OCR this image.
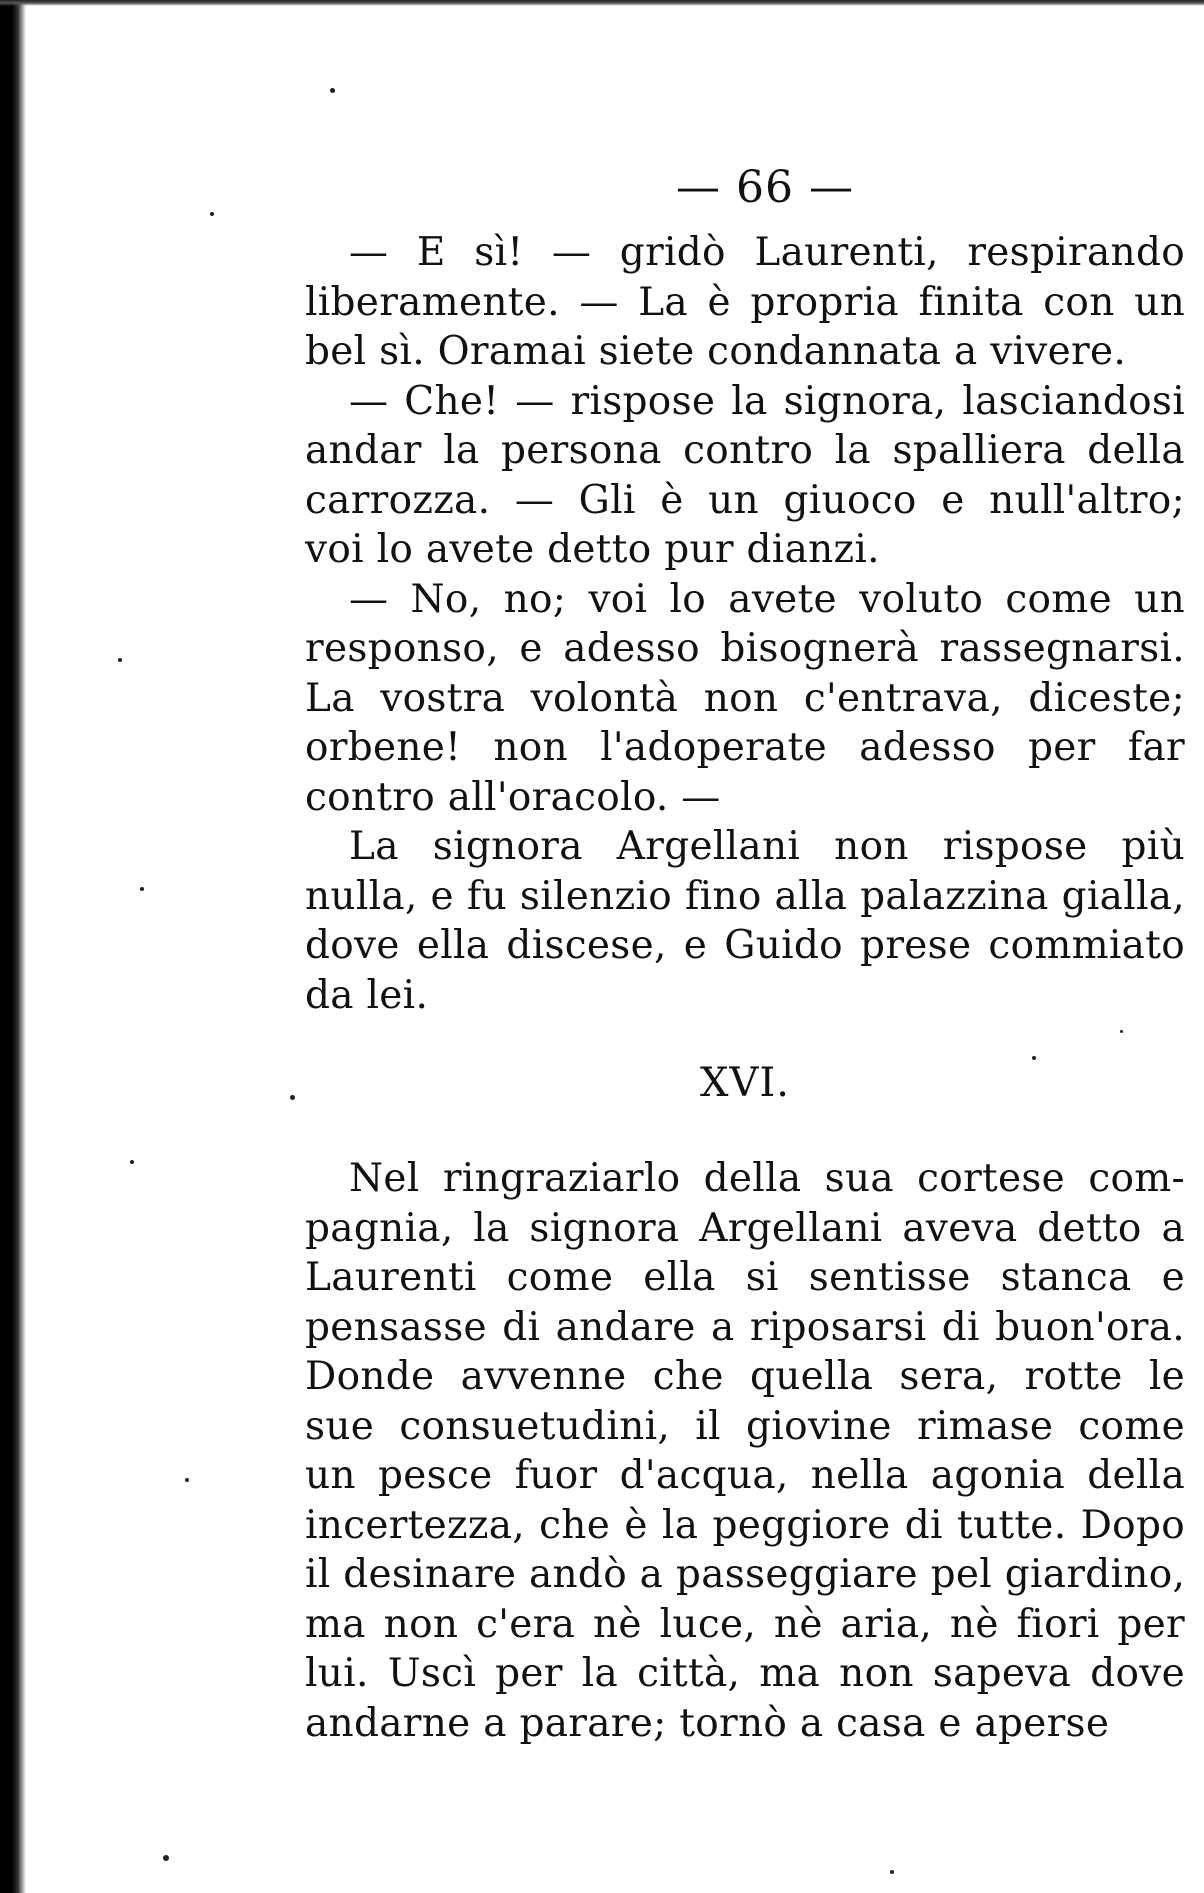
— 66 —
— E sì! — gridò Laurenti, respirando
liberamente. — La è propria finita con un
bel sì. Oramai siete condannata a vivere.
— Che! — rispose la signora, lasciandosi
andar la persona contro la spalliera della
carrozza. — Gli è un giuoco e null'altro;
voi lo avete detto pur dianzi.
— No, no; voi lo avete voluto come un
responso, e adesso bisognerà rassegnarsi.
La vostra volontà non c'entrava, diceste;
orbene! non l'adoperate adesso per far
contro all'oracolo. —
La signora Argellani non rispose più
nulla, e fu silenzio fino alla palazzina gialla,
dove ella discese, e Guido prese commiato
da lei.
XVI.
Nel ringraziarlo della sua cortese com-
pagnia, la signora Argellani aveva detto a
Laurenti come ella si sentisse stanca e
pensasse di andare a riposarsi di buon'ora.
Donde avvenne che quella sera, rotte le
sue consuetudini, il giovine rimase come
un pesce fuor d'acqua, nella agonia della
incertezza, che è la peggiore di tutte. Dopo
il desinare andò a passeggiare pel giardino,
ma non c'era nè luce, nè aria, nè fiori per
lui. Uscì per la città, ma non sapeva dove
andarne a parare; tornò a casa e aperse
